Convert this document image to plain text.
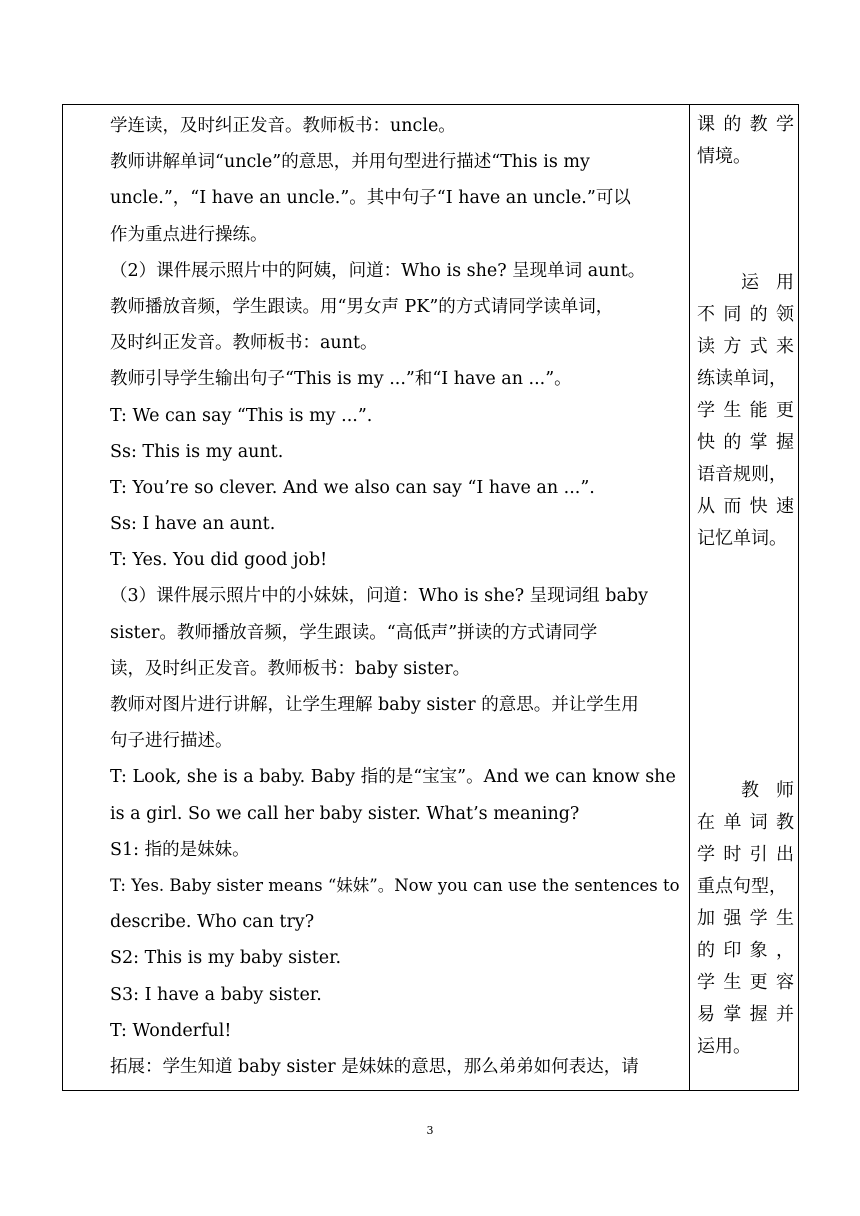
学连读，及时纠正发音。教师板书：uncle。
教师讲解单词“uncle”的意思，并用句型进行描述“This is my
uncle.”，“I have an uncle.”。其中句子“I have an uncle.”可以
作为重点进行操练。
（2）课件展示照片中的阿姨，问道：Who is she? 呈现单词 aunt。
教师播放音频，学生跟读。用“男女声 PK”的方式请同学读单词，
及时纠正发音。教师板书：aunt。
教师引导学生输出句子“This is my ...”和“I have an ...”。
T: We can say “This is my ...”.
Ss: This is my aunt.
T: You’re so clever. And we also can say “I have an ...”.
Ss: I have an aunt.
T: Yes. You did good job!
（3）课件展示照片中的小妹妹，问道：Who is she? 呈现词组 baby
sister。教师播放音频，学生跟读。“高低声”拼读的方式请同学
读，及时纠正发音。教师板书：baby sister。
教师对图片进行讲解，让学生理解 baby sister 的意思。并让学生用
句子进行描述。
T: Look, she is a baby. Baby 指的是“宝宝”。And we can know she
is a girl. So we call her baby sister. What’s meaning?
S1: 指的是妹妹。
T: Yes. Baby sister means “妹妹”。Now you can use the sentences to
describe. Who can try?
S2: This is my baby sister.
S3: I have a baby sister.
T: Wonderful!
拓展：学生知道 baby sister 是妹妹的意思，那么弟弟如何表达，请
课 的 教 学
情境。
运 用
不 同 的 领
读 方 式 来
练读单词，
学 生 能 更
快 的 掌 握
语音规则，
从 而 快 速
记忆单词。
教 师
在 单 词 教
学 时 引 出
重点句型，
加 强 学 生
的 印 象 ，
学 生 更 容
易 掌 握 并
运用。
3
